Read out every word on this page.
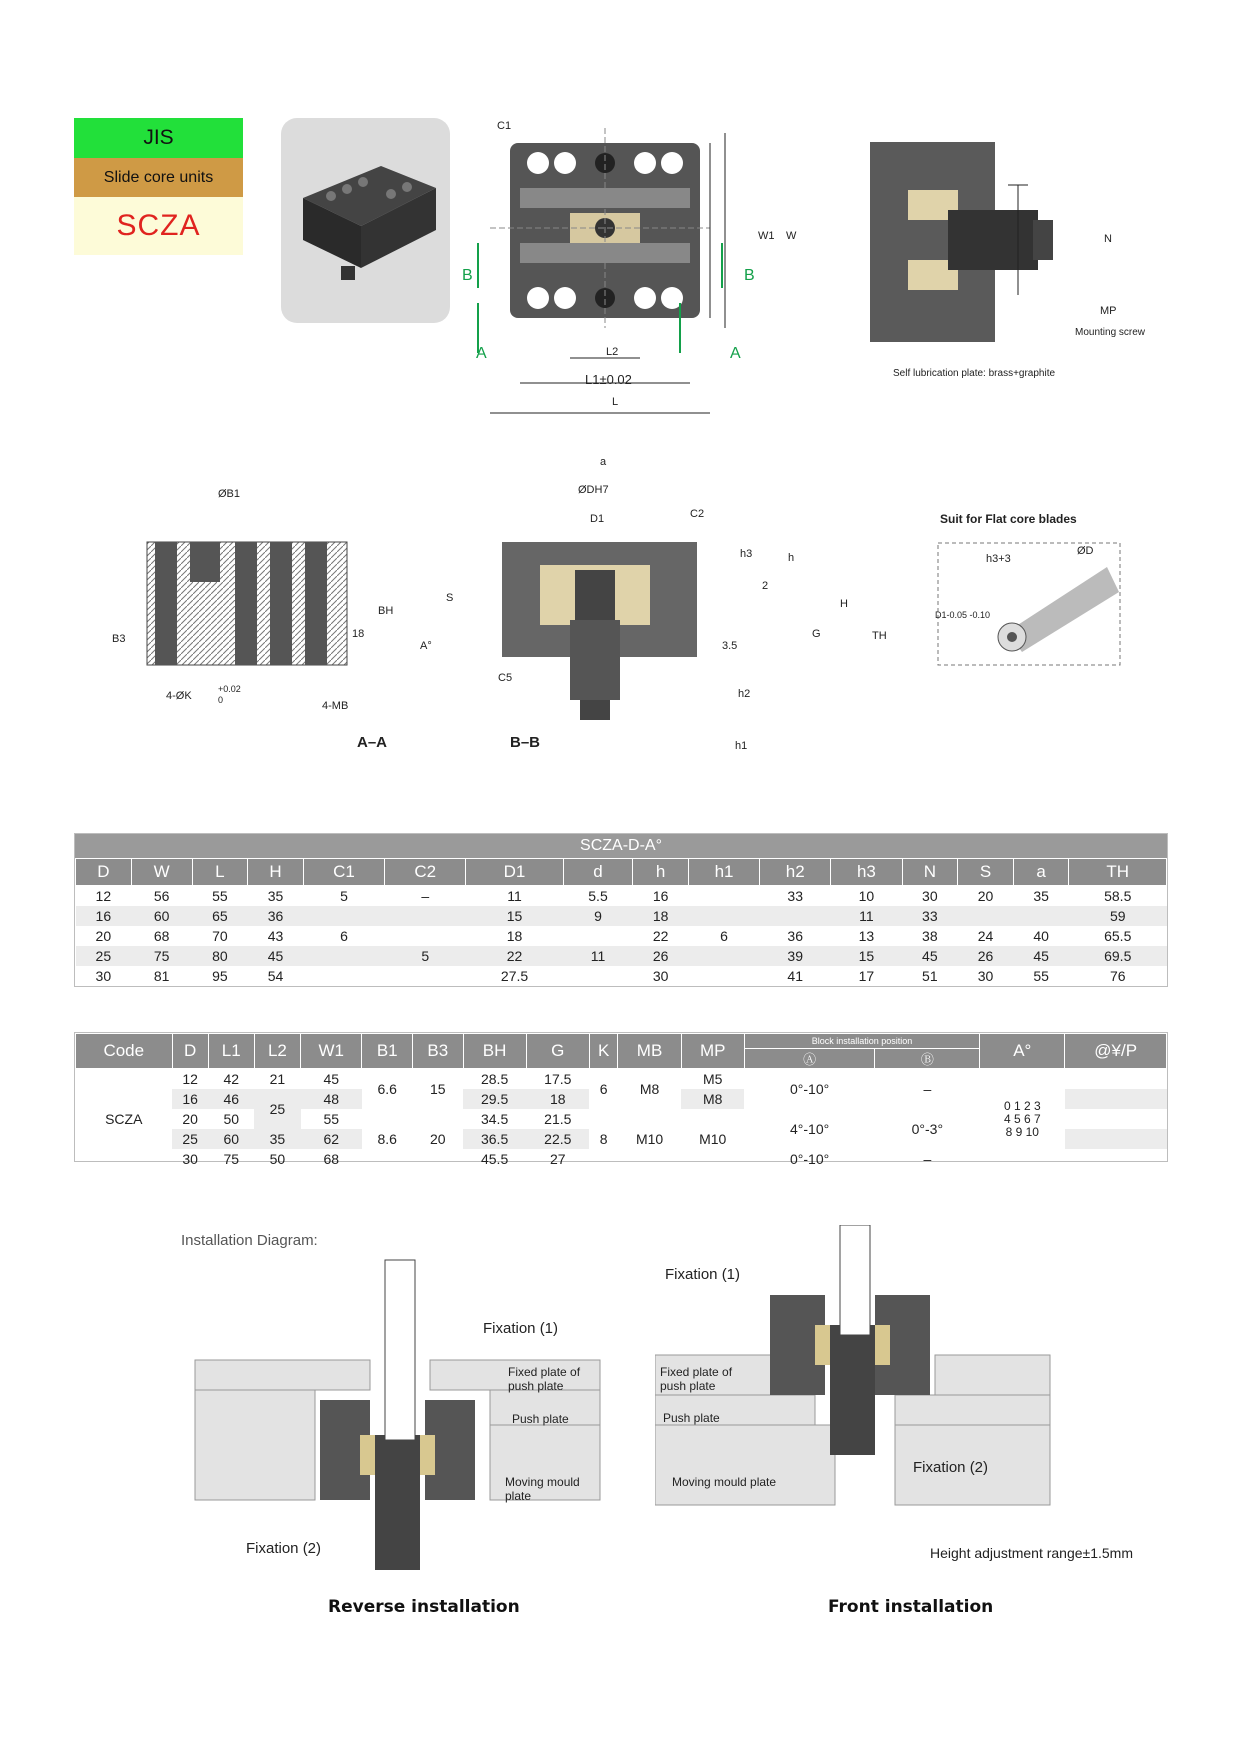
JIS
Slide core units
SCZA
C1
W1 W
L2
L1±0.02
L
A	A
B	B
N
MP
Mounting screw
Self lubrication plate: brass+graphite
ØB1
B3	18
BH
4-ØK
+0.02
0	4-MB
A–A
a
ØDH7
D1	C2
h3	h
2
H
TH
S
A°
G
3.5
h2
h1
C5
B–B
Suit for Flat core blades
h3+3
ØD
D1-0.05 -0.10
SCZA-D-A°
D	W	L	H	C1	C2	D1	d	h	h1	h2	h3	N	S	a	TH
12	56	55	35	5	–	11	5.5	16		33	10	30	20	35	58.5
16	60	65	36			15	9	18			11	33			59
20	68	70	43	6		18		22	6	36	13	38	24	40	65.5
25	75	80	45		5	22	11	26		39	15	45	26	45	69.5
30	81	95	54			27.5		30		41	17	51	30	55	76
Code	D	L1	L2	W1	B1	B3	BH	G	K	MB	MP	Block installation position		A°	@¥/P
												Ⓐ	Ⓑ		
SCZA	12	42	21	45	6.6	15	28.5	17.5	6	M8	M5	0°-10°	–	0 1 2 3
4 5 6 7
8 9 10	
	16	46	25	48			29.5	18			M8				
	20	50		55	8.6	20	34.5	21.5	8	M10	M10	4°-10°	0°-3°		
	25	60	35	62			36.5	22.5							
	30	75	50	68			45.5	27				0°-10°	–		
Installation Diagram:
Fixation (1)
Fixation (2)
Fixed plate of push plate
Push plate
Moving mould plate
Reverse installation
Fixation (1)
Fixation (2)
Fixed plate of push plate
Push plate
Moving mould plate
Height adjustment range±1.5mm
Front installation
